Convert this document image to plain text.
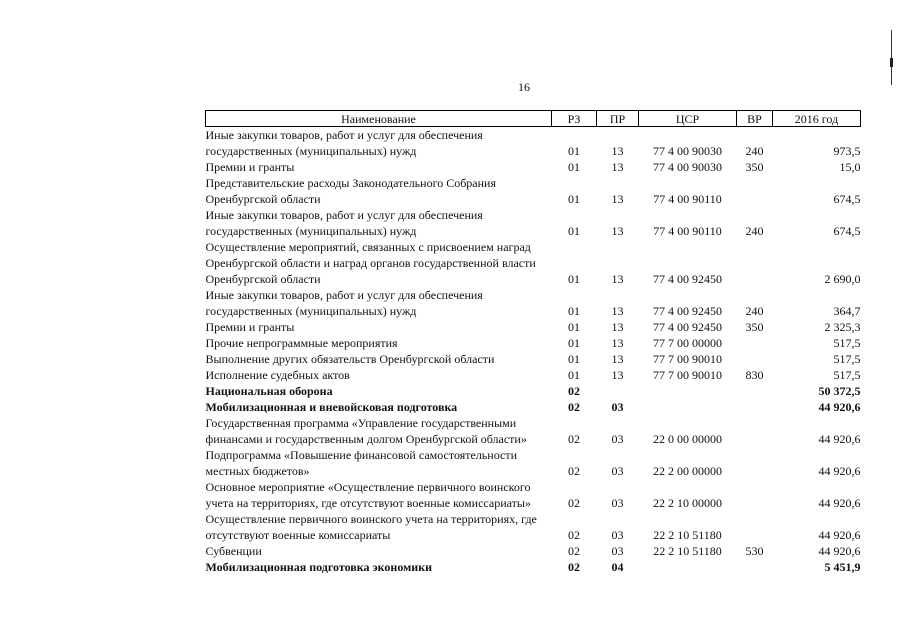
16
Наименование	РЗ	ПР	ЦСР	ВР	2016 год
Иные закупки товаров, работ и услуг для обеспечения государственных (муниципальных) нужд	01	13	77 4 00 90030	240	973,5
Премии и гранты	01	13	77 4 00 90030	350	15,0
Представительские расходы Законодательного Собрания Оренбургской области	01	13	77 4 00 90110		674,5
Иные закупки товаров, работ и услуг для обеспечения государственных (муниципальных) нужд	01	13	77 4 00 90110	240	674,5
Осуществление мероприятий, связанных с присвоением наград Оренбургской области и наград органов государственной власти Оренбургской области	01	13	77 4 00 92450		2 690,0
Иные закупки товаров, работ и услуг для обеспечения государственных (муниципальных) нужд	01	13	77 4 00 92450	240	364,7
Премии и гранты	01	13	77 4 00 92450	350	2 325,3
Прочие непрограммные мероприятия	01	13	77 7 00 00000		517,5
Выполнение других обязательств Оренбургской области	01	13	77 7 00 90010		517,5
Исполнение судебных актов	01	13	77 7 00 90010	830	517,5
Национальная оборона	02				50 372,5
Мобилизационная и вневойсковая подготовка	02	03			44 920,6
Государственная программа «Управление государственными финансами и государственным долгом Оренбургской области»	02	03	22 0 00 00000		44 920,6
Подпрограмма «Повышение финансовой самостоятельности местных бюджетов»	02	03	22 2 00 00000		44 920,6
Основное мероприятие «Осуществление первичного воинского учета на территориях, где отсутствуют военные комиссариаты»	02	03	22 2 10 00000		44 920,6
Осуществление первичного воинского учета на территориях, где отсутствуют военные комиссариаты	02	03	22 2 10 51180		44 920,6
Субвенции	02	03	22 2 10 51180	530	44 920,6
Мобилизационная подготовка экономики	02	04			5 451,9
